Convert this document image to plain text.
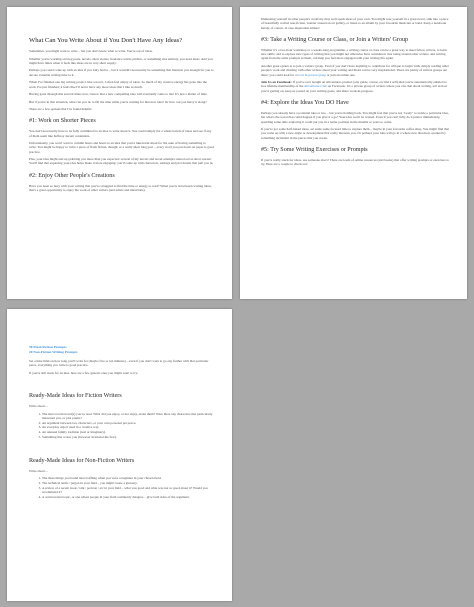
What Can You Write About if You Don't Have Any Ideas?

Sometimes, you might want to write – but you don't know what to write. You're out of ideas.

Whether you're working on blog posts, novels, short stories, freelance article pitches, or something else entirely, you need ideas. And you might have times when it feels like ideas are in very short supply.

Perhaps you could come up with an idea if you truly had to – but it wouldn't necessarily be something that interests you enough for you to devote valuable writing time to it.

When I've finished one big writing project, like a novel, I often feel empty of ideas. So much of my creative energy has gone into the work I've just finished; it feels like I'll never have any more ideas that I like as much.

Having gone through this several times now, I know that a new compelling idea will eventually come to me! It's just a matter of time.

But if you're in that situation, what can you do to fill the time while you're waiting for that new idea? Or how can you hurry it along?

There are a few options that I've found helpful:

#1: Work on Shorter Pieces

You don't necessarily have to be fully committed to an idea to write about it. You could simply list a whole bunch of ideas and see if any of them seem like halfway decent contenders.

Unfortunately, you won't want to commit hours and hours to an idea that you're lukewarm about for the sake of having something to write. You might be happy to write a piece of flash fiction, though, or a really short blog post – every word you put down on paper is good practice.

Plus, your idea might end up grabbing you more than you expected: several of my novels and novel-attempts started out as short stories! You'll find that exploring your idea helps make it more engaging: you'll come up with characters, settings and plot details that pull you in.

#2: Enjoy Other People's Creations

Have you been so busy with your writing that you've struggled to find the time or energy to read? When you're in between writing ideas, that's a great opportunity to enjoy the work of other writers (and artists and musicians).

Immersing yourself in other people's creativity may well spark ideas of your own. You might lose yourself in a great novel, sink into a piece of beautifully crafted non-fiction, wander around an art gallery, or listen to an album by your favourite musician or band. Keep a notebook handy, of course, in case inspiration strikes!

#3: Take a Writing Course or Class, or Join a Writers' Group

Whether it's a two-hour workshop or a weeks-long programme, a writing course or class can be a great way to meet fellow writers, to learn new skills, and to explore new types of writing that you might not otherwise have considered. Just being around other writers, and writing again from the same prompts as them, can help you feel more engaged with your writing life again.

Another great option is to join a writers' group. Even if you don't have anything to contribute for critique to begin with, simply reading other people's work and chatting with other writers about your writing and theirs can be very inspirational. There are plenty of writers groups out there: you could look for a local in-person group or join an online one.

Join Us on Facebook: If you've ever bought an Aliventures product (any guide, course, etc that I sell) then you're automatically entitled to free lifetime membership of the Aliventures Club on Facebook. It's a private group of writers where you can chat about writing, tell us how you're getting on, keep us posted on your writing goals, and share work-in-progress.

#4: Explore the Ideas You DO Have

Perhaps you already have a potential idea or two – but you're holding back. You might feel that you're not "ready" to tackle a particular idea, but what's the worst that could happen if you give it a go? Your idea won't be wasted. Even if you can't fully do it justice immediately, spending some time exploring it could put you in a better position in the months or years to come.

If you've got some half-baked ideas, set aside some focused time to explore them – maybe in your favourite coffee shop. You might find that you come up with a new angle or development that really interests you. Or perhaps your idea will go in a whole new direction, sparked by something incidental in the pieces that you create.

#5: Try Some Writing Exercises or Prompts

If you're really stuck for ideas, use someone else's! There are loads of online resources (and books) that offer writing prompts or exercises to try. Here are a couple to check out:

50 Flash Fiction Prompts
20 Non-Fiction Writing Prompts

Set a time limit on how long you'll write for (maybe five or ten minutes) – even if you don't want to go any further with that particular piece, everything you write is good practice.

If you're still stuck for an idea, here are a few generic ones you might want to try:

Ready-Made Ideas for Fiction Writers

Write about…

1. The most recent novel(s) you've read. What did you enjoy, or not enjoy, about them? Were there any characters that particularly interested you, or plot points?
2. An argument between two characters, or your own personal pet peeve.
3. An everyday object used in a creative way.
4. An unusual family tradition (real or imaginary).
5. Something that scares you (however irrational the fear).
Ready-Made Ideas for Non-Fiction Writers

Write about…

1. The three things you found most baffling when you were a beginner in your chosen field.
2. The technical terms / jargon in your field – you might create a glossary.
3. A review of a recent book / talk / podcast / etc in your field – what was good and what was not so good about it? Would you recommend it?
4. A controversial topic, or one where people in your field commonly disagree – give both sides of the argument.
